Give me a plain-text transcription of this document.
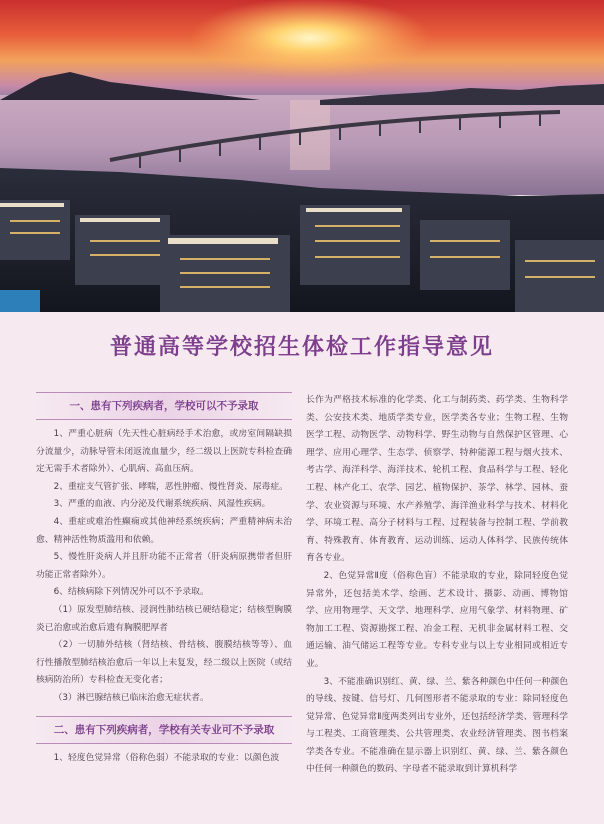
普通高等学校招生体检工作指导意见
一、患有下列疾病者，学校可以不予录取

1、严重心脏病（先天性心脏病经手术治愈，或房室间隔缺损分流量少，动脉导管未闭返流血量少，经二级以上医院专科检查确定无需手术者除外）、心肌病、高血压病。

2、重症支气管扩张、哮喘，恶性肿瘤、慢性肾炎、尿毒症。

3、严重的血液、内分泌及代谢系统疾病、风湿性疾病。

4、重症或难治性癫痫或其他神经系统疾病；严重精神病未治愈、精神活性物质滥用和依赖。

5、慢性肝炎病人并且肝功能不正常者（肝炎病原携带者但肝功能正常者除外）。

6、结核病除下列情况外可以不予录取。

（1）原发型肺结核、浸润性肺结核已硬结稳定；结核型胸膜炎已治愈或治愈后遗有胸膜肥厚者

（2）一切肺外结核（肾结核、骨结核、腹膜结核等等）、血行性播散型肺结核治愈后一年以上未复发，经二级以上医院（或结核病防治所）专科检查无变化者；

（3）淋巴腺结核已临床治愈无症状者。

二、患有下列疾病者，学校有关专业可不予录取

1、轻度色觉异常（俗称色弱）不能录取的专业：以颜色波

长作为严格技术标准的化学类、化工与制药类、药学类、生物科学类、公安技术类、地质学类专业，医学类各专业；生物工程、生物医学工程、动物医学、动物科学、野生动物与自然保护区管理、心理学、应用心理学、生态学、侦察学、特种能源工程与烟火技术、考古学、海洋科学、海洋技术、轮机工程、食品科学与工程、轻化工程、林产化工、农学、园艺、植物保护、茶学、林学、园林、蚕学、农业资源与环境、水产养殖学、海洋渔业科学与技术、材料化学、环境工程、高分子材料与工程、过程装备与控制工程、学前教育、特殊教育、体育教育、运动训练、运动人体科学、民族传统体育各专业。

2、色觉异常Ⅱ度（俗称色盲）不能录取的专业，除同轻度色觉异常外，还包括美术学、绘画、艺术设计、摄影、动画、博物馆学、应用物理学、天文学、地理科学、应用气象学、材料物理、矿物加工工程、资源勘探工程、冶金工程、无机非金属材料工程、交通运输、油气储运工程等专业。专科专业与以上专业相同或相近专业。

3、不能准确识别红、黄、绿、兰、紫各种颜色中任何一种颜色的导线、按键、信号灯、几何图形者不能录取的专业：除同轻度色觉异常、色觉异常Ⅱ度两类列出专业外，还包括经济学类、管理科学与工程类、工商管理类、公共管理类、农业经济管理类、图书档案学类各专业。不能准确在显示器上识别红、黄、绿、兰、紫各颜色中任何一种颜色的数码、字母者不能录取到计算机科学
